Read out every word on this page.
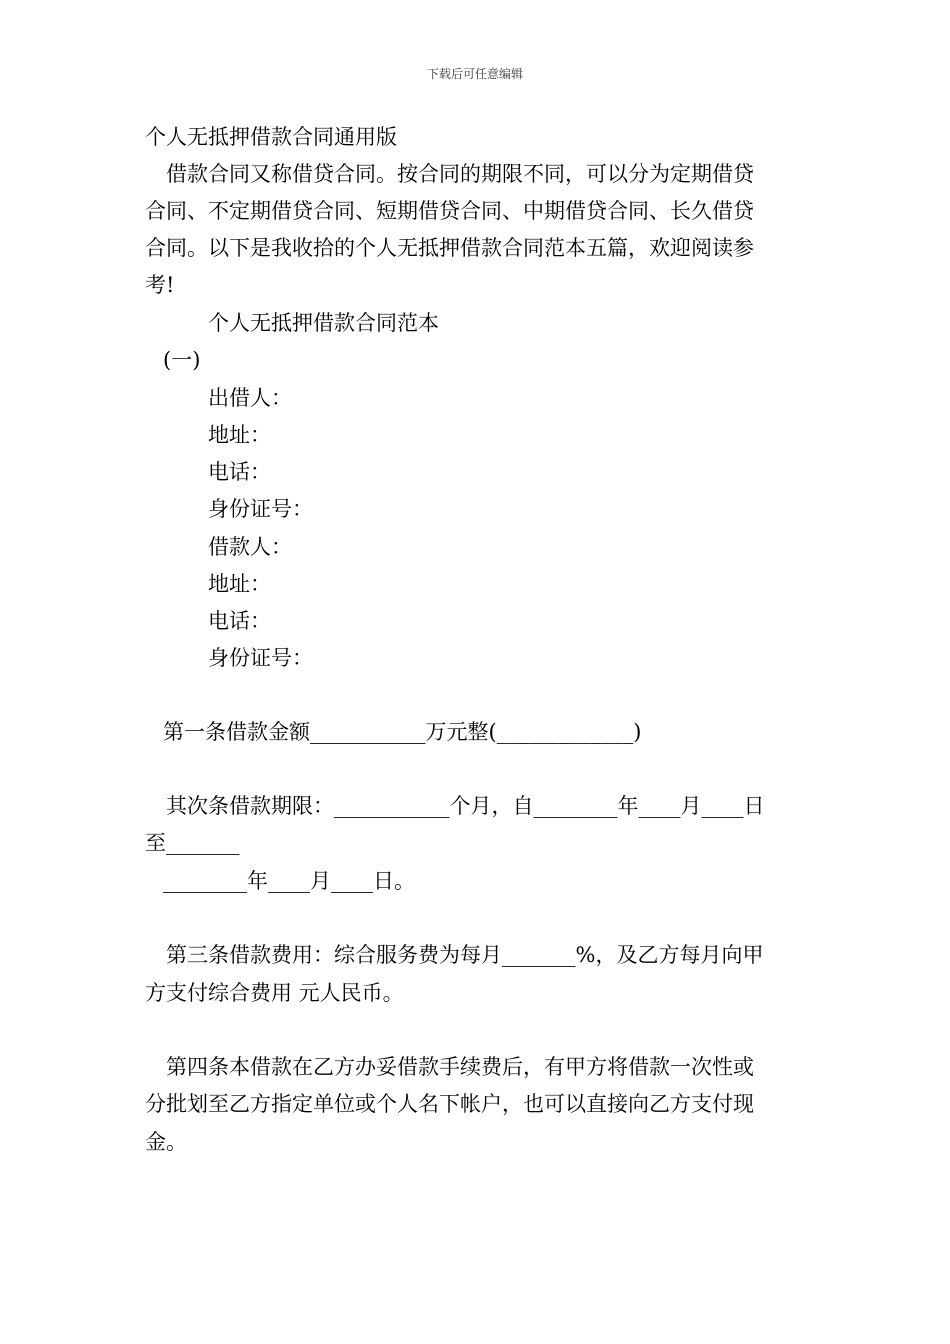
下载后可任意编辑
个人无抵押借款合同通用版
借款合同又称借贷合同。按合同的期限不同，可以分为定期借贷
合同、不定期借贷合同、短期借贷合同、中期借贷合同、长久借贷
合同。以下是我收拾的个人无抵押借款合同范本五篇，欢迎阅读参
考!
个人无抵押借款合同范本
(一)
出借人：
地址：
电话：
身份证号：
借款人：
地址：
电话：
身份证号：
第一条借款金额___________万元整(_____________)
其次条借款期限：___________个月，自________年____月____日
至_______
________年____月____日。
第三条借款费用：综合服务费为每月_______%，及乙方每月向甲
方支付综合费用 元人民币。
第四条本借款在乙方办妥借款手续费后，有甲方将借款一次性或
分批划至乙方指定单位或个人名下帐户，也可以直接向乙方支付现
金。
